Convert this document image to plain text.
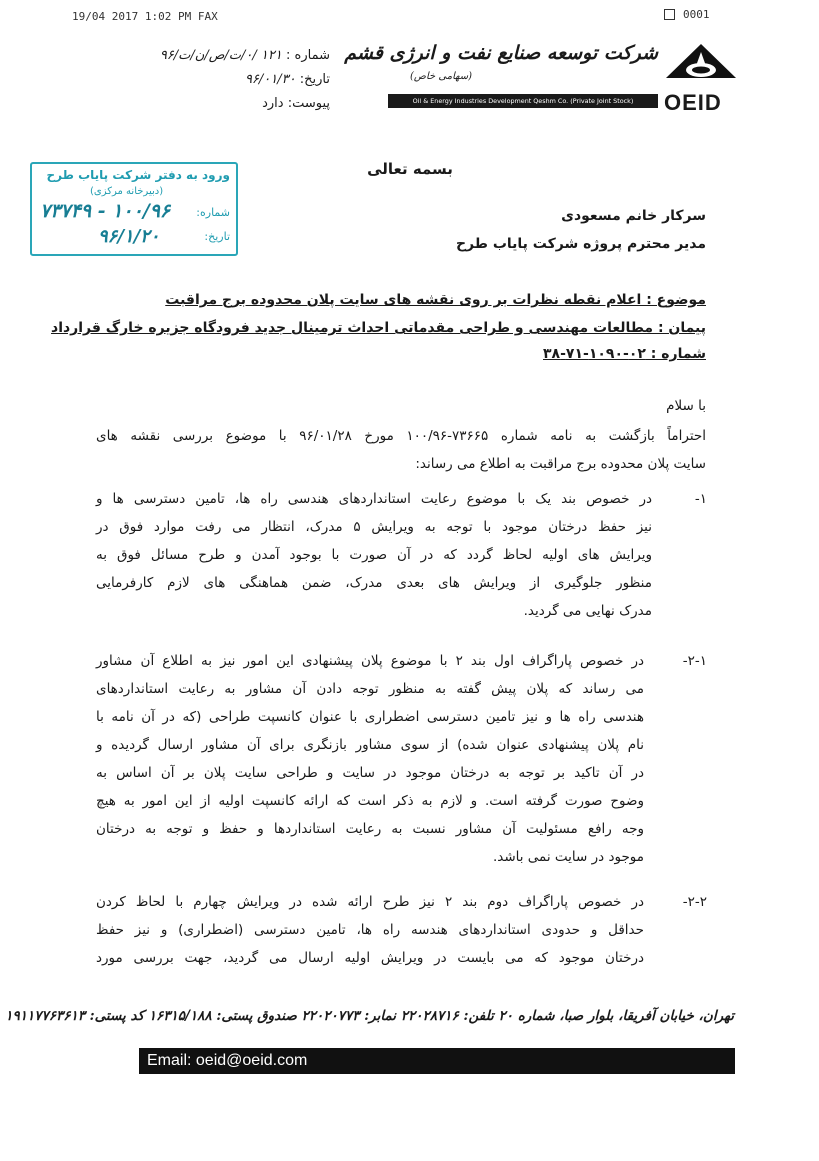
19/04 2017 1:02 PM FAX	0001
شماره : ۱۲۱ /۰/ت/ص/ن/ت/۹۶
تاریخ: ۹۶/۰۱/۳۰
پیوست: دارد
شرکت توسعه صنایع نفت و انرژی قشم
(سهامی خاص)
Oil & Energy Industries Development Qeshm Co. (Private Joint Stock)	OEID
ورود به دفتر شرکت پایاب طرح
(دبیرخانه مرکزی)
شماره:
۱۰۰/۹۶ - ۷۳۷۴۹
تاریخ:
۹۶/۱/۲۰
بسمه تعالی
سرکار خانم مسعودی
مدیر محترم پروژه شرکت پایاب طرح
موضوع : اعلام نقطه نظرات بر روی نقشه های سایت پلان محدوده برج مراقبت
پیمان : مطالعات مهندسی و طراحی مقدماتی احداث ترمینال جدید فرودگاه جزیره خارگ قرارداد
شماره : ۰۲-۱۰۹۰-۷۱-۳۸
با سلام
احتراماً بازگشت به نامه شماره ۷۳۶۶۵-۱۰۰/۹۶ مورخ ۹۶/۰۱/۲۸ با موضوع بررسی نقشه های
سایت پلان محدوده برج مراقبت به اطلاع می رساند:
۱-
در خصوص بند یک با موضوع رعایت استانداردهای هندسی راه ها، تامین دسترسی ها و
نیز حفظ درختان موجود با توجه به ویرایش ۵ مدرک، انتظار می رفت موارد فوق در
ویرایش های اولیه لحاظ گردد که در آن صورت با بوجود آمدن و طرح مسائل فوق به
منظور جلوگیری از ویرایش های بعدی مدرک، ضمن هماهنگی های لازم کارفرمایی
مدرک نهایی می گردید.
۲-۱-
در خصوص پاراگراف اول بند ۲ با موضوع پلان پیشنهادی این امور نیز به اطلاع آن مشاور
می رساند که پلان پیش گفته به منظور توجه دادن آن مشاور به رعایت استانداردهای
هندسی راه ها و نیز تامین دسترسی اضطراری با عنوان کانسپت طراحی (که در آن نامه با
نام پلان پیشنهادی عنوان شده) از سوی مشاور بازنگری برای آن مشاور ارسال گردیده و
در آن تاکید بر توجه به درختان موجود در سایت و طراحی سایت پلان بر آن اساس به
وضوح صورت گرفته است. و لازم به ذکر است که ارائه کانسپت اولیه از این امور به هیچ
وجه رافع مسئولیت آن مشاور نسبت به رعایت استانداردها و حفظ و توجه به درختان
موجود در سایت نمی باشد.
۲-۲-
در خصوص پاراگراف دوم بند ۲ نیز طرح ارائه شده در ویرایش چهارم با لحاظ کردن
حداقل و حدودی استانداردهای هندسه راه ها، تامین دسترسی (اضطراری) و نیز حفظ
درختان موجود که می بایست در ویرایش اولیه ارسال می گردید، جهت بررسی مورد
تهران، خیابان آفریقا، بلوار صبا، شماره ۲۰ تلفن: ۲۲۰۲۸۷۱۶ نمابر: ۲۲۰۲۰۷۷۳ صندوق پستی: ۱۶۳۱۵/۱۸۸ کد پستی: ۱۹۱۱۷۷۶۳۶۱۳
Email: oeid@oeid.com
